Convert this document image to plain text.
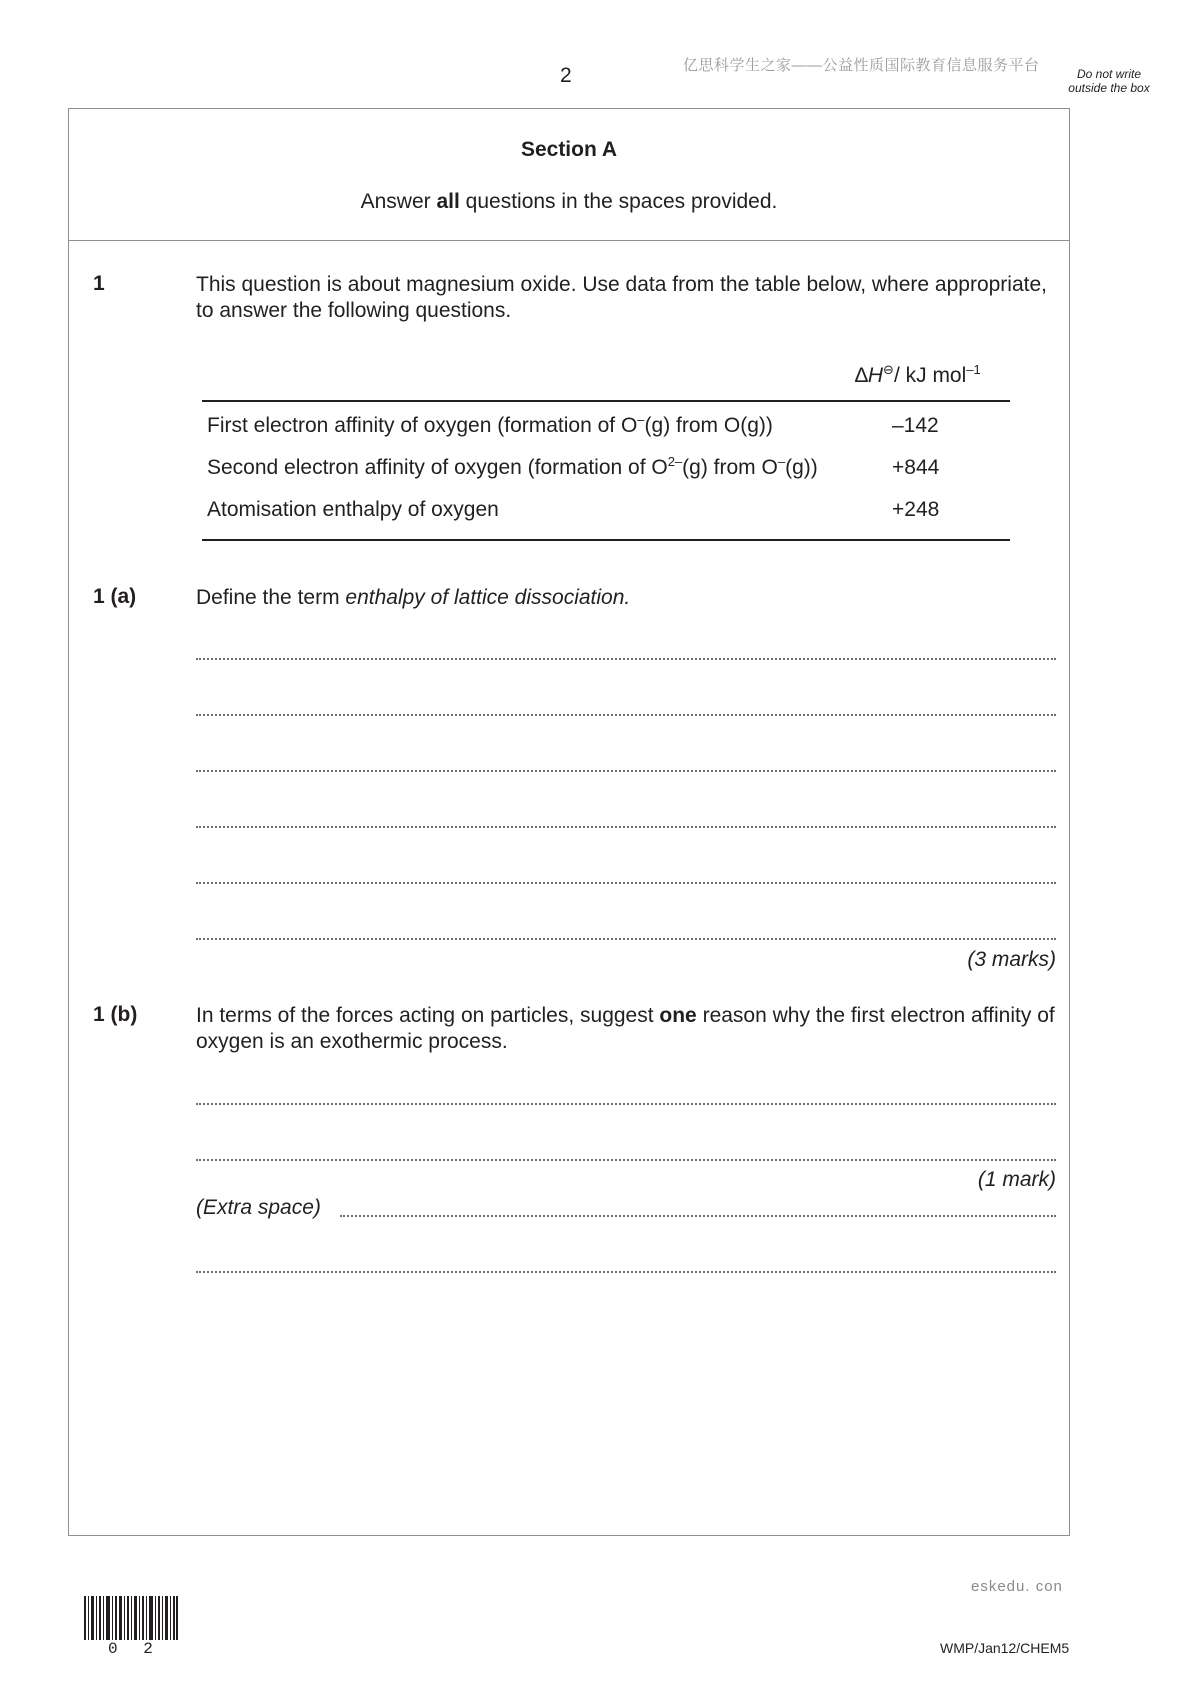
2	亿思科学生之家——公益性质国际教育信息服务平台	Do not write outside the box
Section A
Answer all questions in the spaces provided.
1	This question is about magnesium oxide. Use data from the table below, where appropriate, to answer the following questions.
∆H⊖/ kJ mol$^{-1}$
First electron affinity of oxygen (formation of O–(g) from O(g))	–142
Second electron affinity of oxygen (formation of $O^{2-}(g)$ from O–(g))	+844
Atomisation enthalpy of oxygen	+248
1 (a)	Define the term enthalpy of lattice dissociation.
(3 marks)
1 (b)	In terms of the forces acting on particles, suggest one reason why the first electron affinity of oxygen is an exothermic process.
(1 mark)
(Extra space)
eskedu. con
WMP/Jan12/CHEM5
0 2
